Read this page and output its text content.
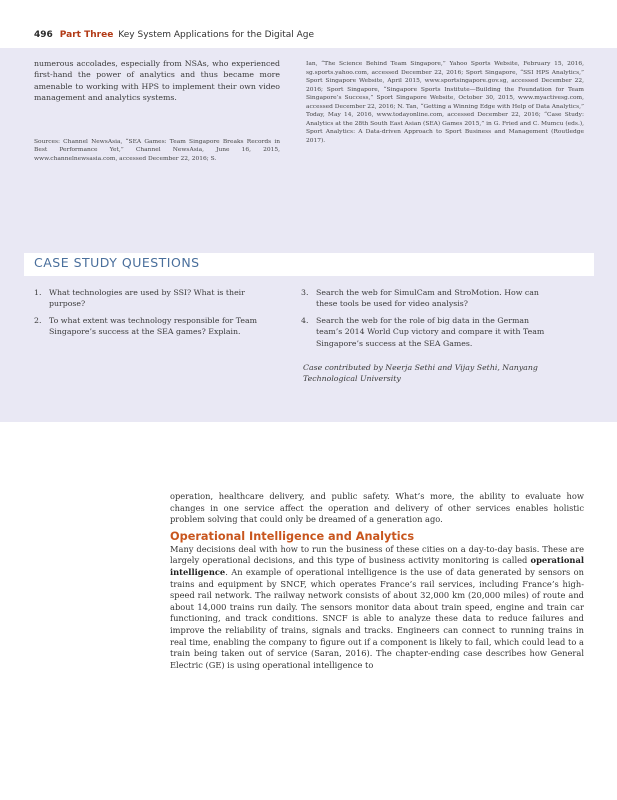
496 Part Three Key System Applications for the Digital Age

numerous accolades, especially from NSAs, who experienced first-hand the power of analytics and thus became more amenable to working with HPS to implement their own video management and analytics systems.

Sources: Channel NewsAsia, “SEA Games: Team Singapore Breaks Records in Best Performance Yet,” Channel NewsAsia, June 16, 2015, www.channelnewsasia.com, accessed December 22, 2016; S.

Ian, “The Science Behind Team Singapore,” Yahoo Sports Website, February 15, 2016, sg.sports.yahoo.com, accessed December 22, 2016; Sport Singapore, “SSI HPS Analytics,” Sport Singapore Website, April 2015, www.sportsingapore.gov.sg, accessed December 22, 2016; Sport Singapore, “Singapore Sports Institute—Building the Foundation for Team Singapore’s Success,” Sport Singapore Website, October 30, 2015, www.myactivesg.com, accessed December 22, 2016; N. Tan, “Getting a Winning Edge with Help of Data Analytics,” Today, May 14, 2016, www.todayonline.com, accessed December 22, 2016; “Case Study: Analytics at the 28th South East Asian (SEA) Games 2015,” in G. Fried and C. Mumcu (eds.), Sport Analytics: A Data-driven Approach to Sport Business and Management (Routledge 2017).

CASE STUDY QUESTIONS
1. What technologies are used by SSI? What is their purpose?
2. To what extent was technology responsible for Team Singapore’s success at the SEA games? Explain.
3. Search the web for SimulCam and StroMotion. How can these tools be used for video analysis?
4. Search the web for the role of big data in the German team’s 2014 World Cup victory and compare it with Team Singapore’s success at the SEA Games.

Case contributed by Neerja Sethi and Vijay Sethi, Nanyang Technological University

operation, healthcare delivery, and public safety. What’s more, the ability to evaluate how changes in one service affect the operation and delivery of other services enables holistic problem solving that could only be dreamed of a generation ago.

Operational Intelligence and Analytics

Many decisions deal with how to run the business of these cities on a day-to-day basis. These are largely operational decisions, and this type of business activity monitoring is called operational intelligence. An example of operational intelligence is the use of data generated by sensors on trains and equipment by SNCF, which operates France’s rail services, including France’s high-speed rail network. The railway network consists of about 32,000 km (20,000 miles) of route and about 14,000 trains run daily. The sensors monitor data about train speed, engine and train car functioning, and track conditions. SNCF is able to analyze these data to reduce failures and improve the reliability of trains, signals and tracks. Engineers can connect to running trains in real time, enabling the company to figure out if a component is likely to fail, which could lead to a train being taken out of service (Saran, 2016). The chapter-ending case describes how General Electric (GE) is using operational intelligence to
